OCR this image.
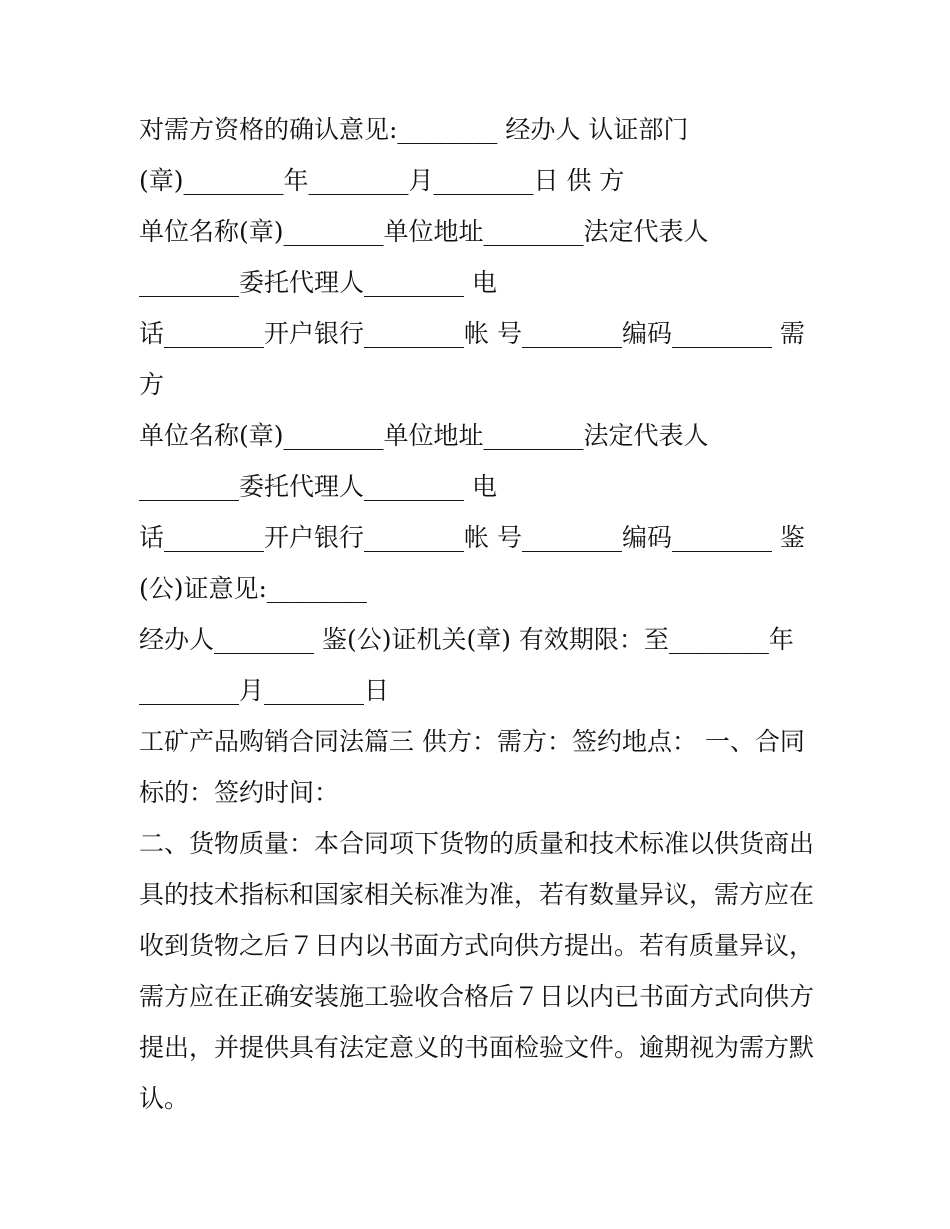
对需方资格的确认意见:________ 经办人 认证部门
(章)________年________月________日 供 方
单位名称(章)________单位地址________法定代表人
________委托代理人________ 电
话________开户银行________帐 号________编码________ 需
方
单位名称(章)________单位地址________法定代表人
________委托代理人________ 电
话________开户银行________帐 号________编码________ 鉴
(公)证意见:________
经办人________ 鉴(公)证机关(章) 有效期限：至________年
________月________日
工矿产品购销合同法篇三 供方：需方：签约地点： 一、合同
标的：签约时间：
二、货物质量：本合同项下货物的质量和技术标准以供货商出
具的技术指标和国家相关标准为准，若有数量异议，需方应在
收到货物之后７日内以书面方式向供方提出。若有质量异议，
需方应在正确安装施工验收合格后７日以内已书面方式向供方
提出，并提供具有法定意义的书面检验文件。逾期视为需方默
认。
